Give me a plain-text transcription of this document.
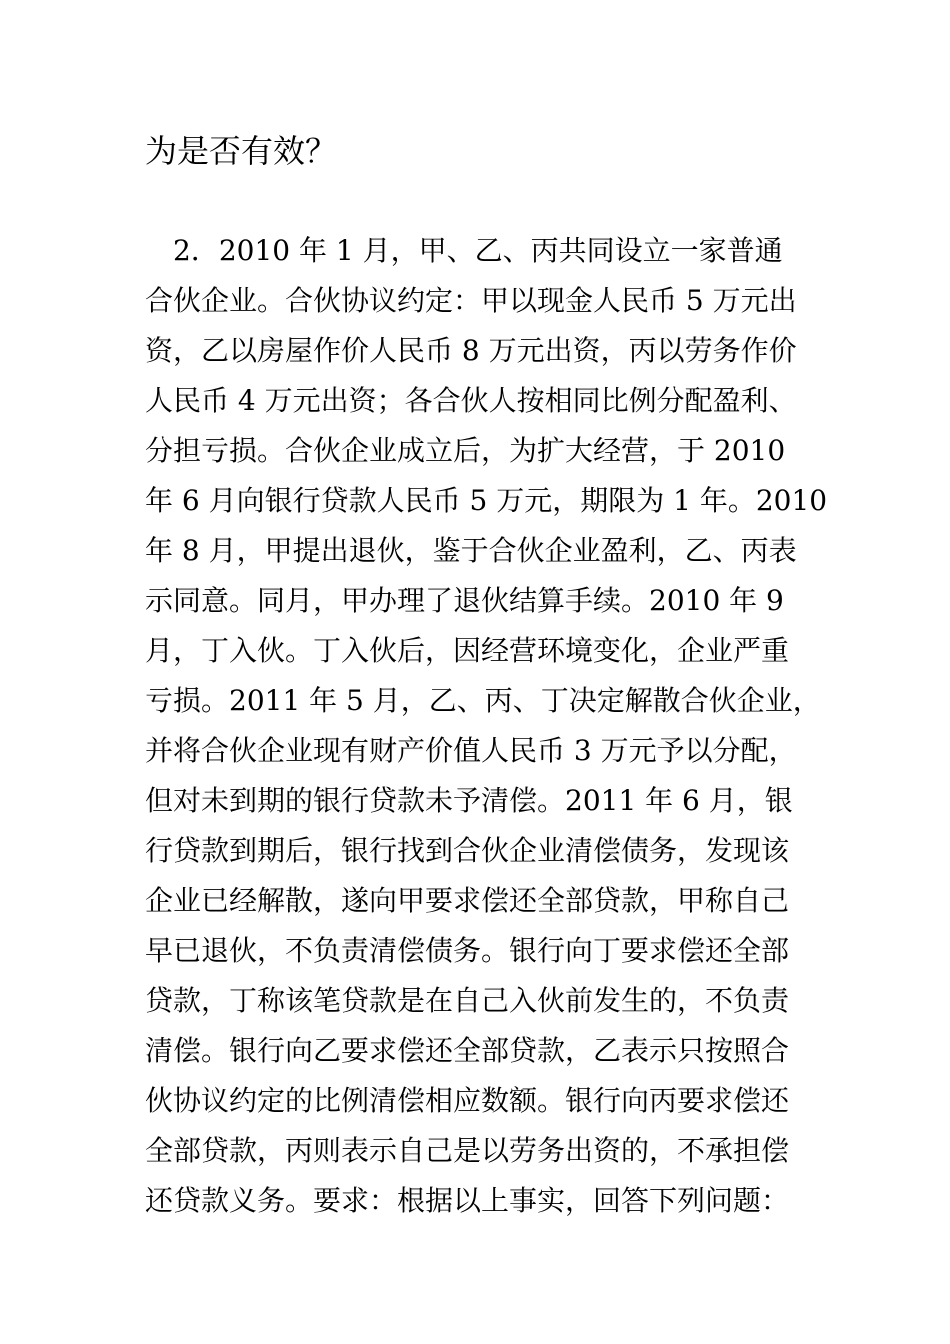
为是否有效？
　2．2010 年 1 月，甲、乙、丙共同设立一家普通
合伙企业。合伙协议约定：甲以现金人民币 5 万元出
资，乙以房屋作价人民币 8 万元出资，丙以劳务作价
人民币 4 万元出资；各合伙人按相同比例分配盈利、
分担亏损。合伙企业成立后，为扩大经营，于 2010
年 6 月向银行贷款人民币 5 万元，期限为 1 年。2010
年 8 月，甲提出退伙，鉴于合伙企业盈利，乙、丙表
示同意。同月，甲办理了退伙结算手续。2010 年 9
月，丁入伙。丁入伙后，因经营环境变化，企业严重
亏损。2011 年 5 月，乙、丙、丁决定解散合伙企业，
并将合伙企业现有财产价值人民币 3 万元予以分配，
但对未到期的银行贷款未予清偿。2011 年 6 月，银
行贷款到期后，银行找到合伙企业清偿债务，发现该
企业已经解散，遂向甲要求偿还全部贷款，甲称自己
早已退伙，不负责清偿债务。银行向丁要求偿还全部
贷款，丁称该笔贷款是在自己入伙前发生的，不负责
清偿。银行向乙要求偿还全部贷款，乙表示只按照合
伙协议约定的比例清偿相应数额。银行向丙要求偿还
全部贷款，丙则表示自己是以劳务出资的，不承担偿
还贷款义务。要求：根据以上事实，回答下列问题：
